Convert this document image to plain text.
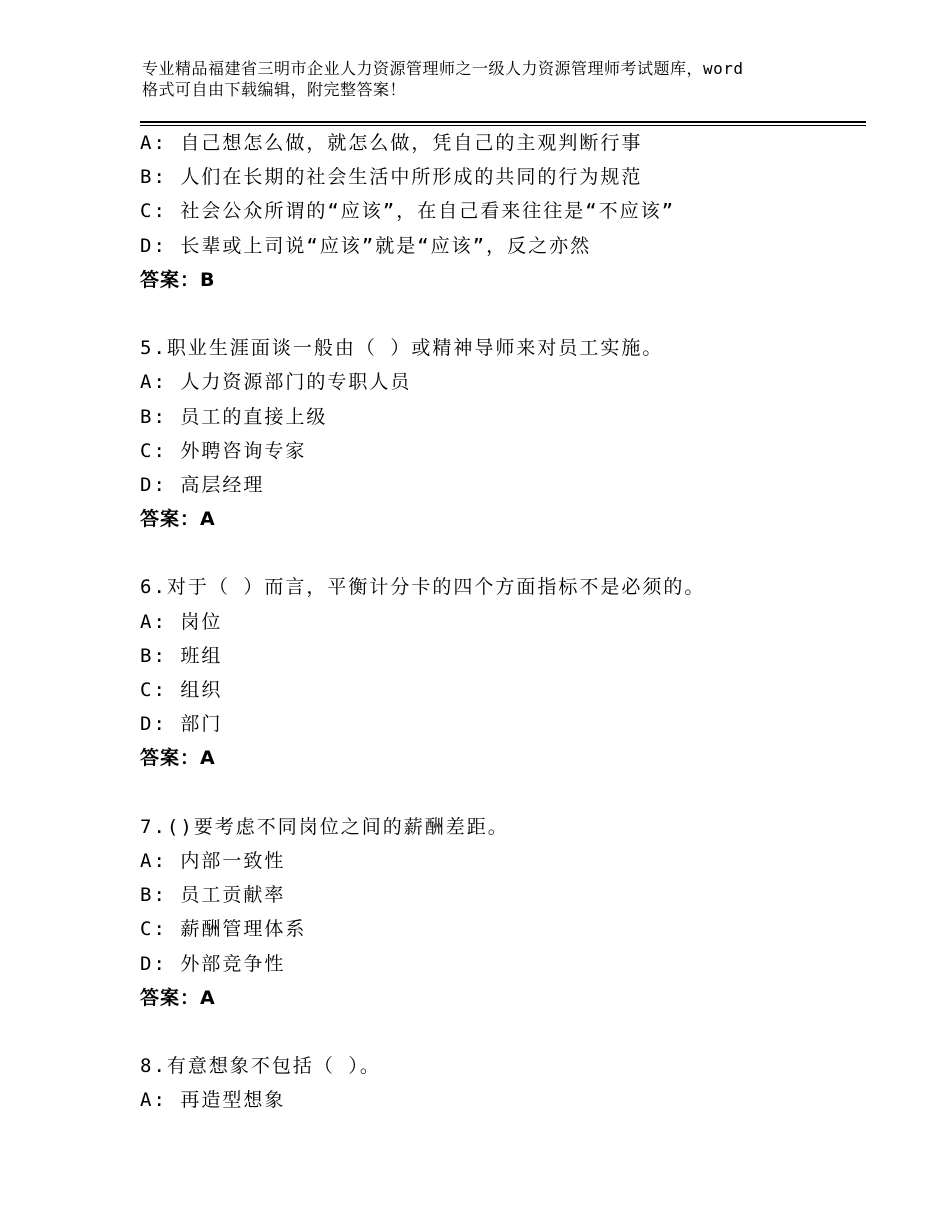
专业精品福建省三明市企业人力资源管理师之一级人力资源管理师考试题库，word
格式可自由下载编辑，附完整答案！
A: 自己想怎么做，就怎么做，凭自己的主观判断行事
B: 人们在长期的社会生活中所形成的共同的行为规范
C: 社会公众所谓的“应该”，在自己看来往往是“不应该”
D: 长辈或上司说“应该”就是“应该”，反之亦然
答案：B
5.职业生涯面谈一般由（ ）或精神导师来对员工实施。
A: 人力资源部门的专职人员
B: 员工的直接上级
C: 外聘咨询专家
D: 高层经理
答案：A
6.对于（ ）而言，平衡计分卡的四个方面指标不是必须的。
A: 岗位
B: 班组
C: 组织
D: 部门
答案：A
7.()要考虑不同岗位之间的薪酬差距。
A: 内部一致性
B: 员工贡献率
C: 薪酬管理体系
D: 外部竞争性
答案：A
8.有意想象不包括（ ）。
A: 再造型想象
